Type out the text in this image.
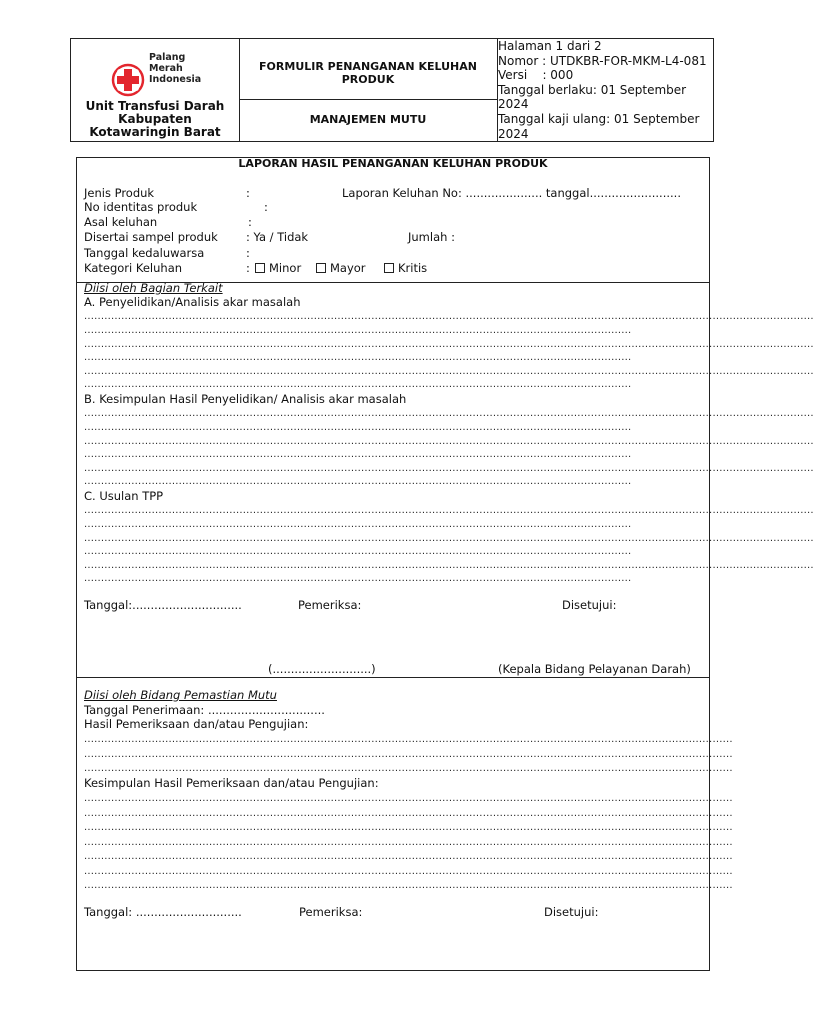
Palang
Merah
Indonesia
Unit Transfusi Darah
Kabupaten
Kotawaringin Barat
FORMULIR PENANGANAN KELUHAN PRODUK
MANAJEMEN MUTU
Halaman 1 dari 2
Nomor : UTDKBR-FOR-MKM-L4-081
Versi    : 000
Tanggal berlaku: 01 September 2024
Tanggal kaji ulang: 01 September 2024
LAPORAN HASIL PENANGANAN KELUHAN PRODUK
Jenis Produk	:	Laporan Keluhan No: ..................... tanggal.........................
No identitas produk	:
Asal keluhan	:
Disertai sampel produk : Ya / Tidak	Jumlah :
Tanggal kedaluwarsa	:
Kategori Keluhan	:	Minor	Mayor	Kritis
Diisi oleh Bagian Terkait
A. Penyelidikan/Analisis akar masalah
........................................................................................................................................................................................................................
..................................................................................................................................................................
........................................................................................................................................................................................................................
..................................................................................................................................................................
........................................................................................................................................................................................................................
..................................................................................................................................................................
B. Kesimpulan Hasil Penyelidikan/ Analisis akar masalah
........................................................................................................................................................................................................................
..................................................................................................................................................................
........................................................................................................................................................................................................................
..................................................................................................................................................................
........................................................................................................................................................................................................................
..................................................................................................................................................................
C. Usulan TPP
........................................................................................................................................................................................................................
..................................................................................................................................................................
........................................................................................................................................................................................................................
..................................................................................................................................................................
........................................................................................................................................................................................................................
..................................................................................................................................................................
Tanggal:..............................	Pemeriksa:	Disetujui:
(...........................)	(Kepala Bidang Pelayanan Darah)
Diisi oleh Bidang Pemastian Mutu
Tanggal Penerimaan: ................................
Hasil Pemeriksaan dan/atau Pengujian:
................................................................................................................................................................................................
................................................................................................................................................................................................
................................................................................................................................................................................................
Kesimpulan Hasil Pemeriksaan dan/atau Pengujian:
................................................................................................................................................................................................
................................................................................................................................................................................................
................................................................................................................................................................................................
................................................................................................................................................................................................
................................................................................................................................................................................................
................................................................................................................................................................................................
................................................................................................................................................................................................
Tanggal: .............................	Pemeriksa:	Disetujui:
